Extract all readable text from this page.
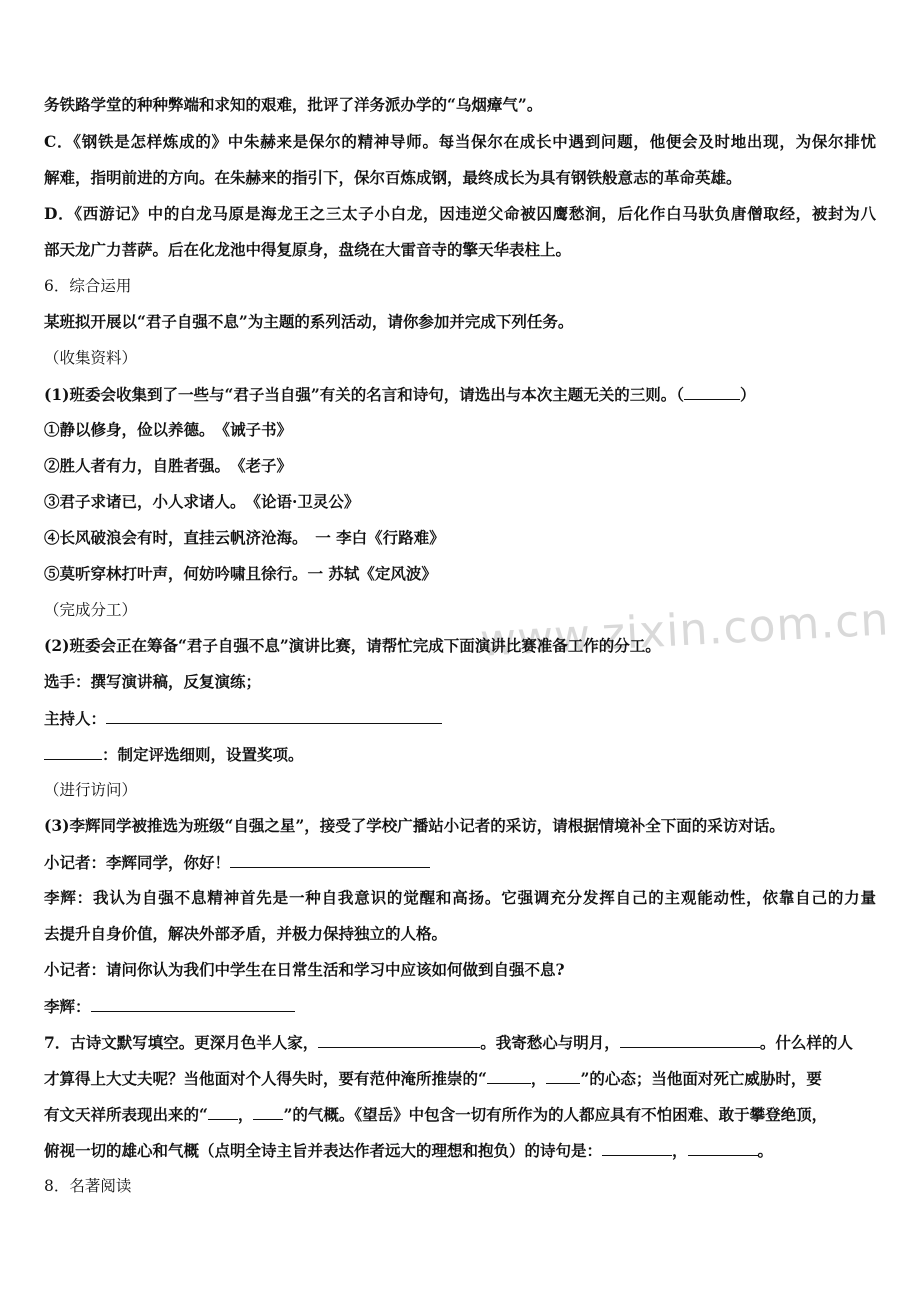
www.zixin.com.cn
务铁路学堂的种种弊端和求知的艰难，批评了洋务派办学的“乌烟瘴气”。
C．《钢铁是怎样炼成的》中朱赫来是保尔的精神导师。每当保尔在成长中遇到问题，他便会及时地出现，为保尔排忧
解难，指明前进的方向。在朱赫来的指引下，保尔百炼成钢，最终成长为具有钢铁般意志的革命英雄。
D．《西游记》中的白龙马原是海龙王之三太子小白龙，因违逆父命被囚鹰愁涧，后化作白马驮负唐僧取经，被封为八
部天龙广力菩萨。后在化龙池中得复原身，盘绕在大雷音寺的擎天华表柱上。
6．综合运用
某班拟开展以“君子自强不息”为主题的系列活动，请你参加并完成下列任务。
（收集资料）
(1)班委会收集到了一些与“君子当自强”有关的名言和诗句，请选出与本次主题无关的三则。（	）
①静以修身，俭以养德。　《诫子书》
②胜人者有力，自胜者强。　《老子》
③君子求诸已，小人求诸人。　《论语·卫灵公》
④长风破浪会有时，直挂云帆济沧海。　一 李白《行路难》
⑤莫听穿林打叶声，何妨吟啸且徐行。一 苏轼《定风波》
（完成分工）
(2)班委会正在筹备“君子自强不息”演讲比赛，请帮忙完成下面演讲比赛准备工作的分工。
选手：撰写演讲稿，反复演练；
主持人：
：制定评选细则，设置奖项。
（进行访问）
(3)李辉同学被推选为班级“自强之星”，接受了学校广播站小记者的采访，请根据情境补全下面的采访对话。
小记者：李辉同学，你好！
李辉：我认为自强不息精神首先是一种自我意识的觉醒和高扬。它强调充分发挥自己的主观能动性，依靠自己的力量
去提升自身价值，解决外部矛盾，并极力保持独立的人格。
小记者：请问你认为我们中学生在日常生活和学习中应该如何做到自强不息?
李辉：
7．古诗文默写填空。更深月色半人家，	。我寄愁心与明月，	。什么样的人
才算得上大丈夫呢？当他面对个人得失时，要有范仲淹所推崇的“	， ”的心态；当他面对死亡威胁时，要
有文天祥所表现出来的“ ， ”的气概。《望岳》中包含一切有所作为的人都应具有不怕困难、敢于攀登绝顶，
俯视一切的雄心和气概（点明全诗主旨并表达作者远大的理想和抱负）的诗句是：	，	。
8．名著阅读
